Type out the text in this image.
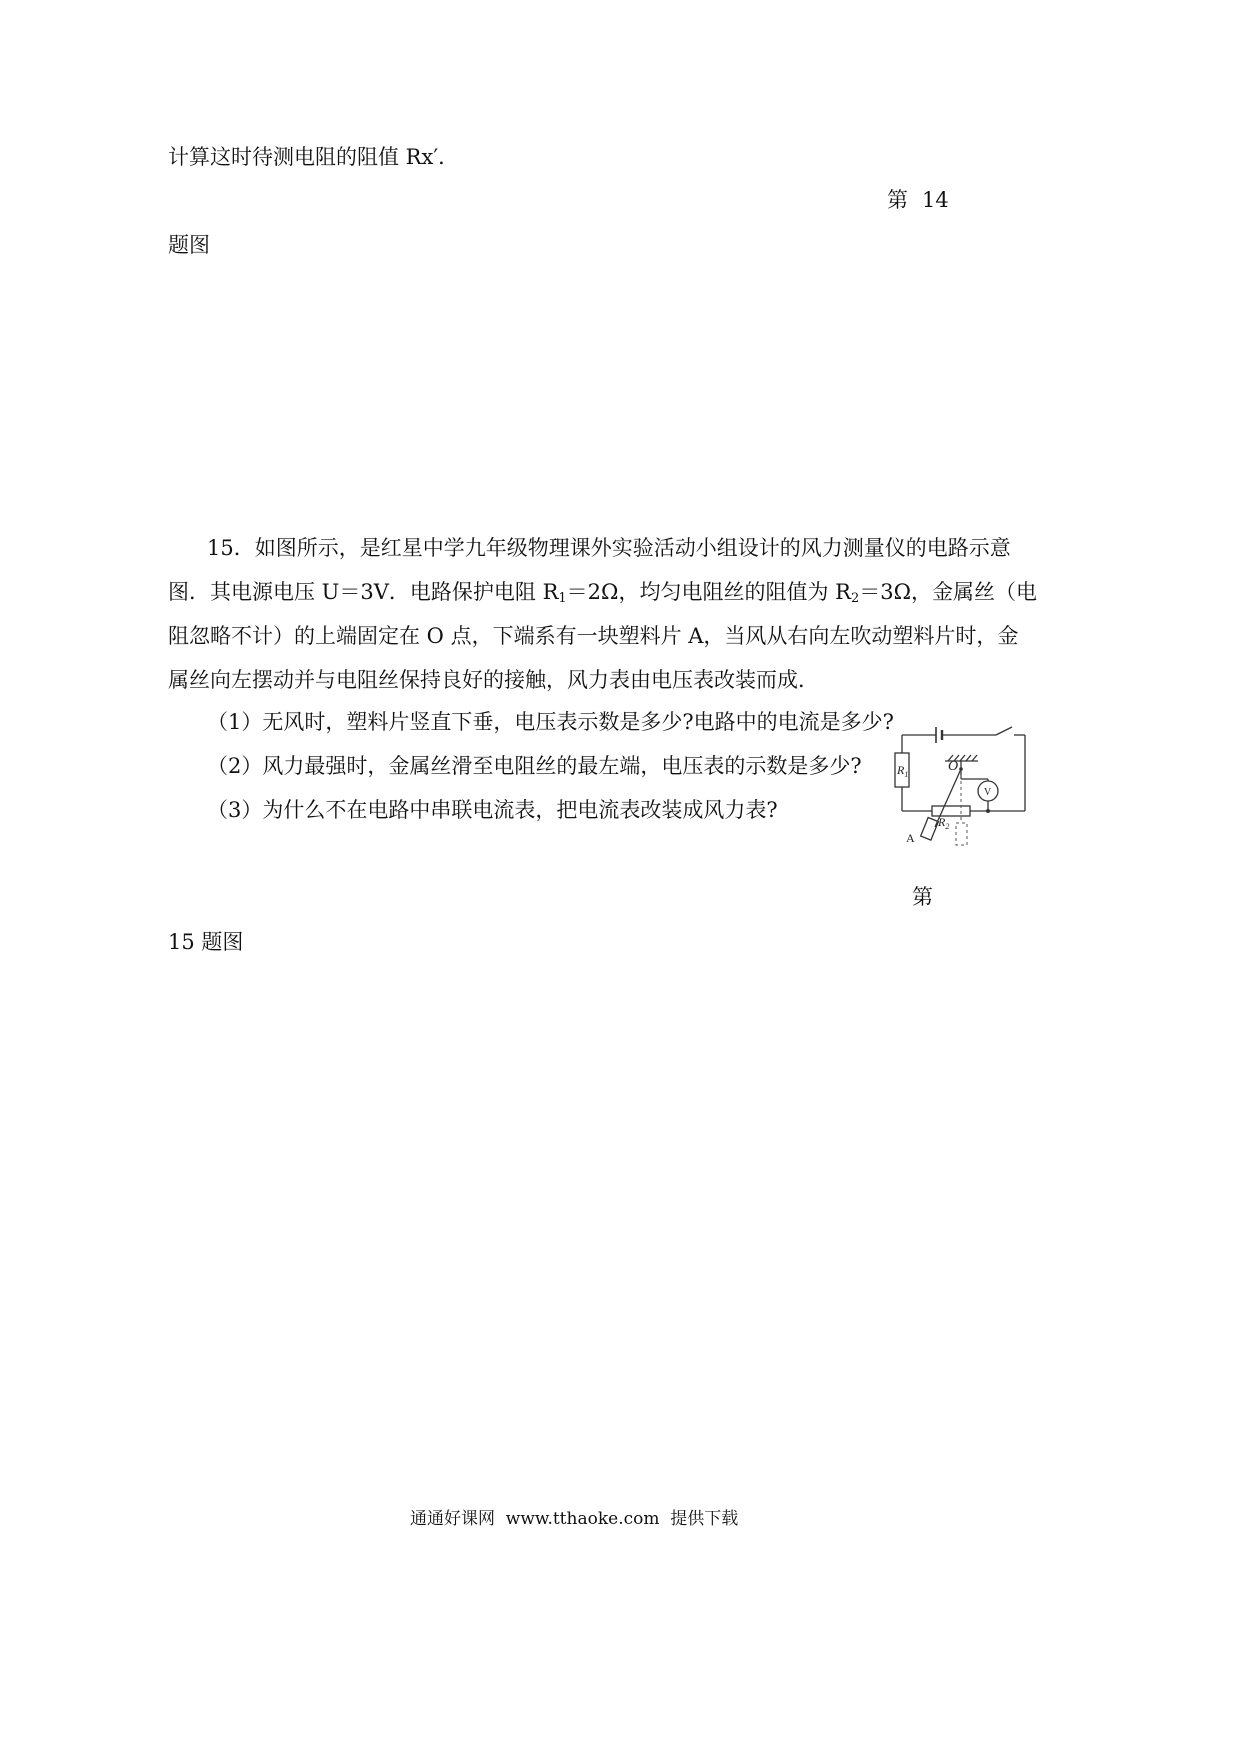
计算这时待测电阻的阻值 Rx′．
第 14
题图
15．如图所示，是红星中学九年级物理课外实验活动小组设计的风力测量仪的电路示意
图．其电源电压 U＝3V．电路保护电阻 $R_1=2\Omega$，均匀电阻丝的阻值为 $R_2=3\Omega$，金属丝（电
阻忽略不计）的上端固定在 O 点，下端系有一块塑料片 A，当风从右向左吹动塑料片时，金
属丝向左摆动并与电阻丝保持良好的接触，风力表由电压表改装而成．
（1）无风时，塑料片竖直下垂，电压表示数是多少?电路中的电流是多少?
（2）风力最强时，金属丝滑至电阻丝的最左端，电压表的示数是多少?
（3）为什么不在电路中串联电流表，把电流表改装成风力表?
$R_1$
O
V
$R_2$
A
第
15 题图
通通好课网  www.tthaoke.com  提供下载
